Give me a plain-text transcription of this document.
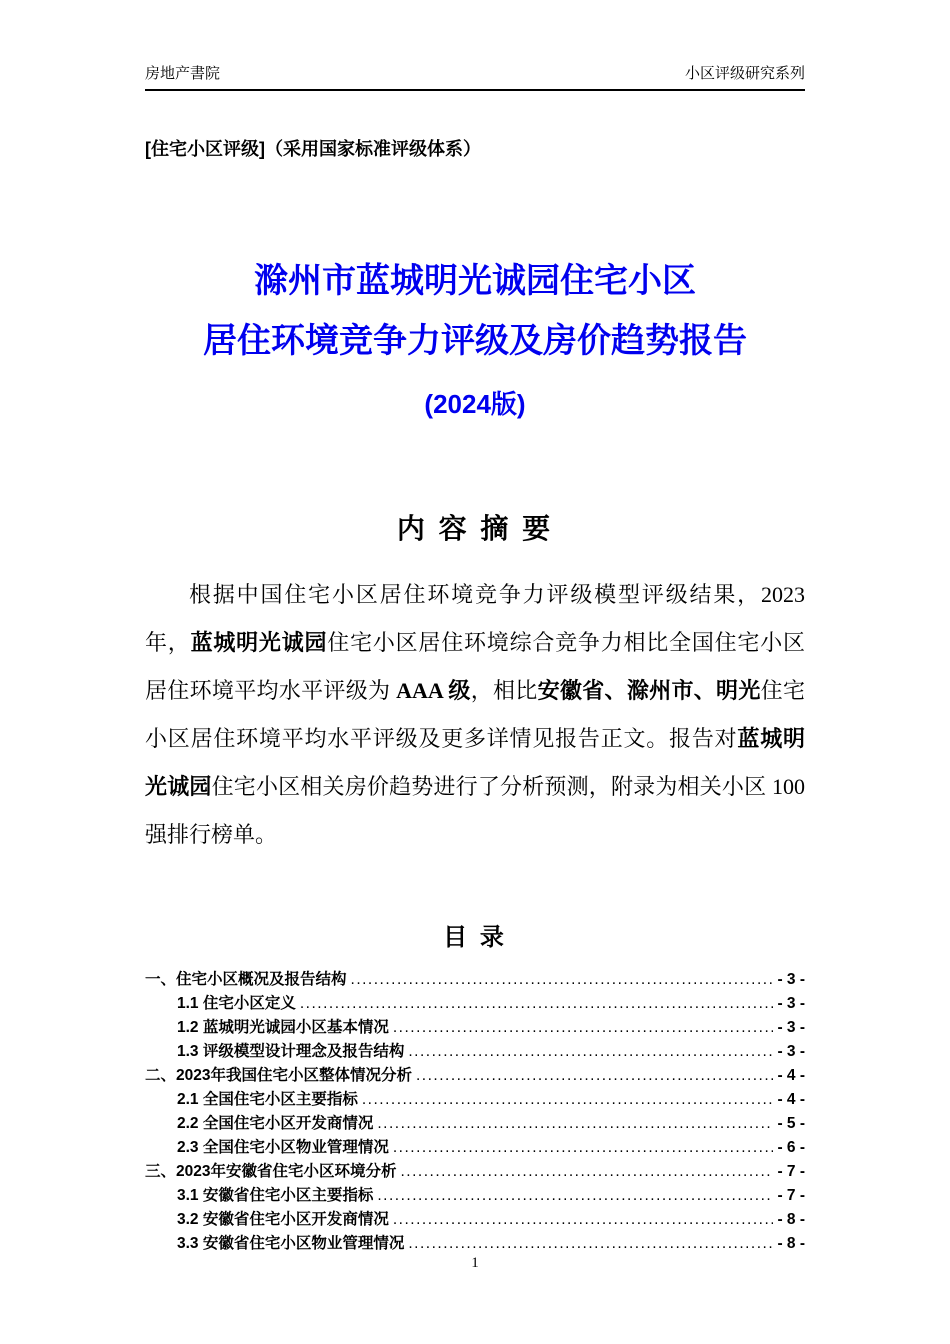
房地产書院	小区评级研究系列
[住宅小区评级]（采用国家标准评级体系）
滁州市蓝城明光诚园住宅小区
居住环境竞争力评级及房价趋势报告
(2024版)
内 容 摘 要

根据中国住宅小区居住环境竞争力评级模型评级结果，2023 年，蓝城明光诚园住宅小区居住环境综合竞争力相比全国住宅小区居住环境平均水平评级为 AAA 级，相比安徽省、滁州市、明光住宅小区居住环境平均水平评级及更多详情见报告正文。报告对蓝城明光诚园住宅小区相关房价趋势进行了分析预测，附录为相关小区 100 强排行榜单。

目 录
一、住宅小区概况及报告结构 .....	- 3 -
1.1 住宅小区定义 .....	- 3 -
1.2 蓝城明光诚园小区基本情况 .....	- 3 -
1.3 评级模型设计理念及报告结构 .....	- 3 -
二、2023年我国住宅小区整体情况分析 .....	- 4 -
2.1 全国住宅小区主要指标 .....	- 4 -
2.2 全国住宅小区开发商情况 .....	- 5 -
2.3 全国住宅小区物业管理情况 .....	- 6 -
三、2023年安徽省住宅小区环境分析 .....	- 7 -
3.1 安徽省住宅小区主要指标 .....	- 7 -
3.2 安徽省住宅小区开发商情况 .....	- 8 -
3.3 安徽省住宅小区物业管理情况 .....	- 8 -
1
